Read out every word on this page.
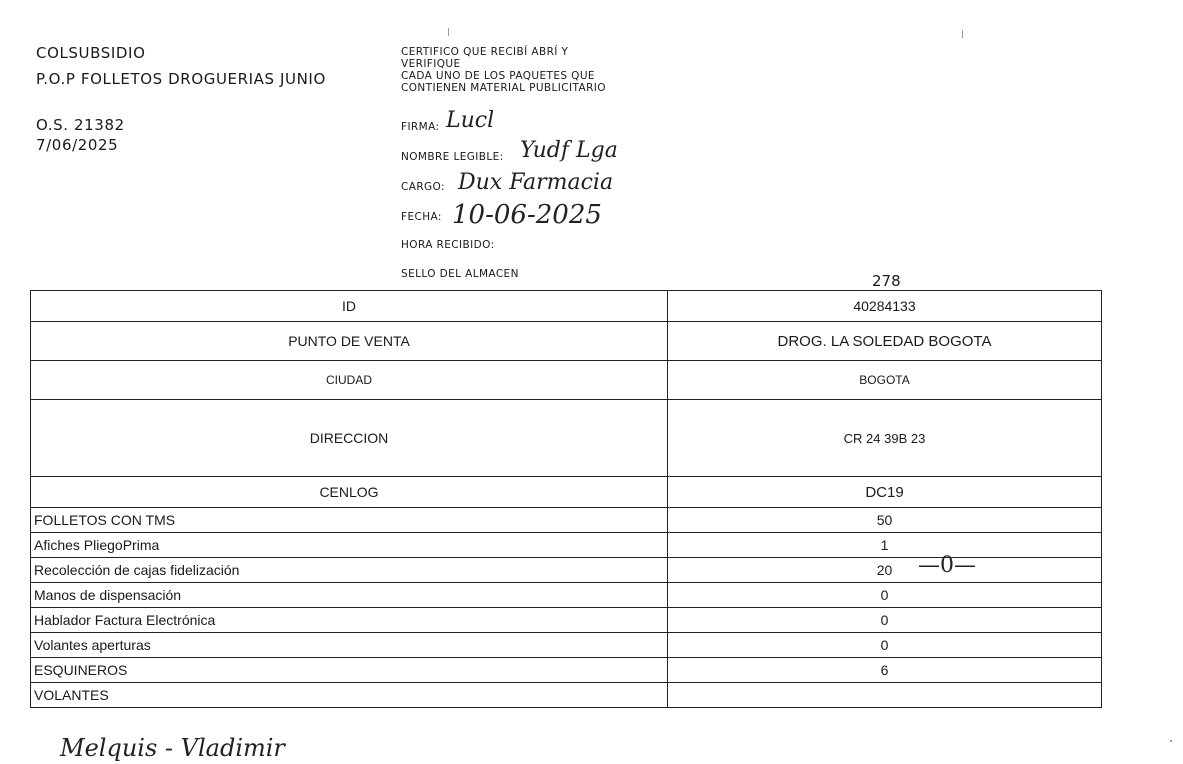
COLSUBSIDIO
P.O.P FOLLETOS DROGUERIAS JUNIO
O.S. 21382
7/06/2025
CERTIFICO QUE RECIBÍ ABRÍ Y
VERIFIQUE
CADA UNO DE LOS PAQUETES QUE
CONTIENEN MATERIAL PUBLICITARIO
FIRMA: Lucl
NOMBRE LEGIBLE: Yudf Lga
CARGO: Dux Farmacia
FECHA: 10-06-2025
HORA RECIBIDO:
SELLO DEL ALMACEN	278
ID	40284133
PUNTO DE VENTA	DROG. LA SOLEDAD BOGOTA
CIUDAD	BOGOTA
DIRECCION	CR 24 39B 23
CENLOG	DC19
FOLLETOS CON TMS	50
Afiches PliegoPrima	1
Recolección de cajas fidelización	20 —0—

Manos de dispensación	0
Hablador Factura Electrónica	0
Volantes aperturas	0
ESQUINEROS	6
VOLANTES	
Melquis - Vladimir
